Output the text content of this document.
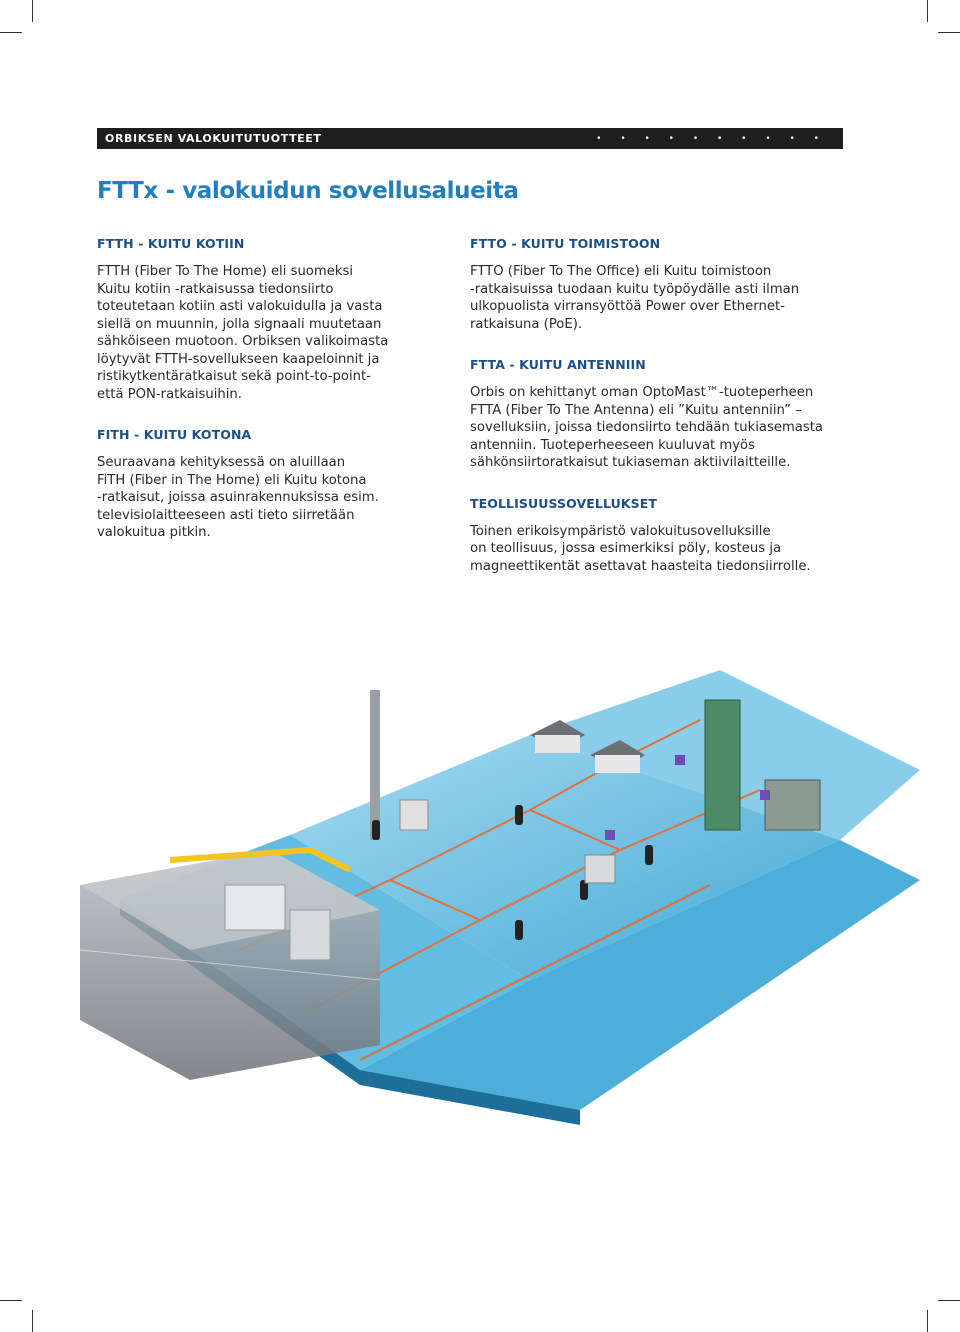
ORBIKSEN VALOKUITUTUOTTEET	• • • • • • • • • •
FTTx - valokuidun sovellusalueita
FTTH - KUITU KOTIIN

FTTH (Fiber To The Home) eli suomeksi
Kuitu kotiin -ratkaisussa tiedonsiirto
toteutetaan kotiin asti valokuidulla ja vasta
siellä on muunnin, jolla signaali muutetaan
sähköiseen muotoon. Orbiksen valikoimasta
löytyvät FTTH-sovellukseen kaapeloinnit ja
ristikytkentäratkaisut sekä point-to-point-
että PON-ratkaisuihin.

FITH - KUITU KOTONA

Seuraavana kehityksessä on aluillaan
FiTH (Fiber in The Home) eli Kuitu kotona
-ratkaisut, joissa asuinrakennuksissa esim.
televisiolaitteeseen asti tieto siirretään
valokuitua pitkin.

FTTO - KUITU TOIMISTOON

FTTO (Fiber To The Office) eli Kuitu toimistoon
-ratkaisuissa tuodaan kuitu työpöydälle asti ilman
ulkopuolista virransyöttöä Power over Ethernet-
ratkaisuna (PoE).

FTTA - KUITU ANTENNIIN

Orbis on kehittanyt oman OptoMast™-tuoteperheen
FTTA (Fiber To The Antenna) eli ”Kuitu antenniin” –
sovelluksiin, joissa tiedonsiirto tehdään tukiasemasta
antenniin. Tuoteperheeseen kuuluvat myös
sähkönsiirtoratkaisut tukiaseman aktiivilaitteille.

TEOLLISUUSSOVELLUKSET

Toinen erikoisympäristö valokuitusovelluksille
on teollisuus, jossa esimerkiksi pöly, kosteus ja
magneettikentät asettavat haasteita tiedonsiirrolle.
